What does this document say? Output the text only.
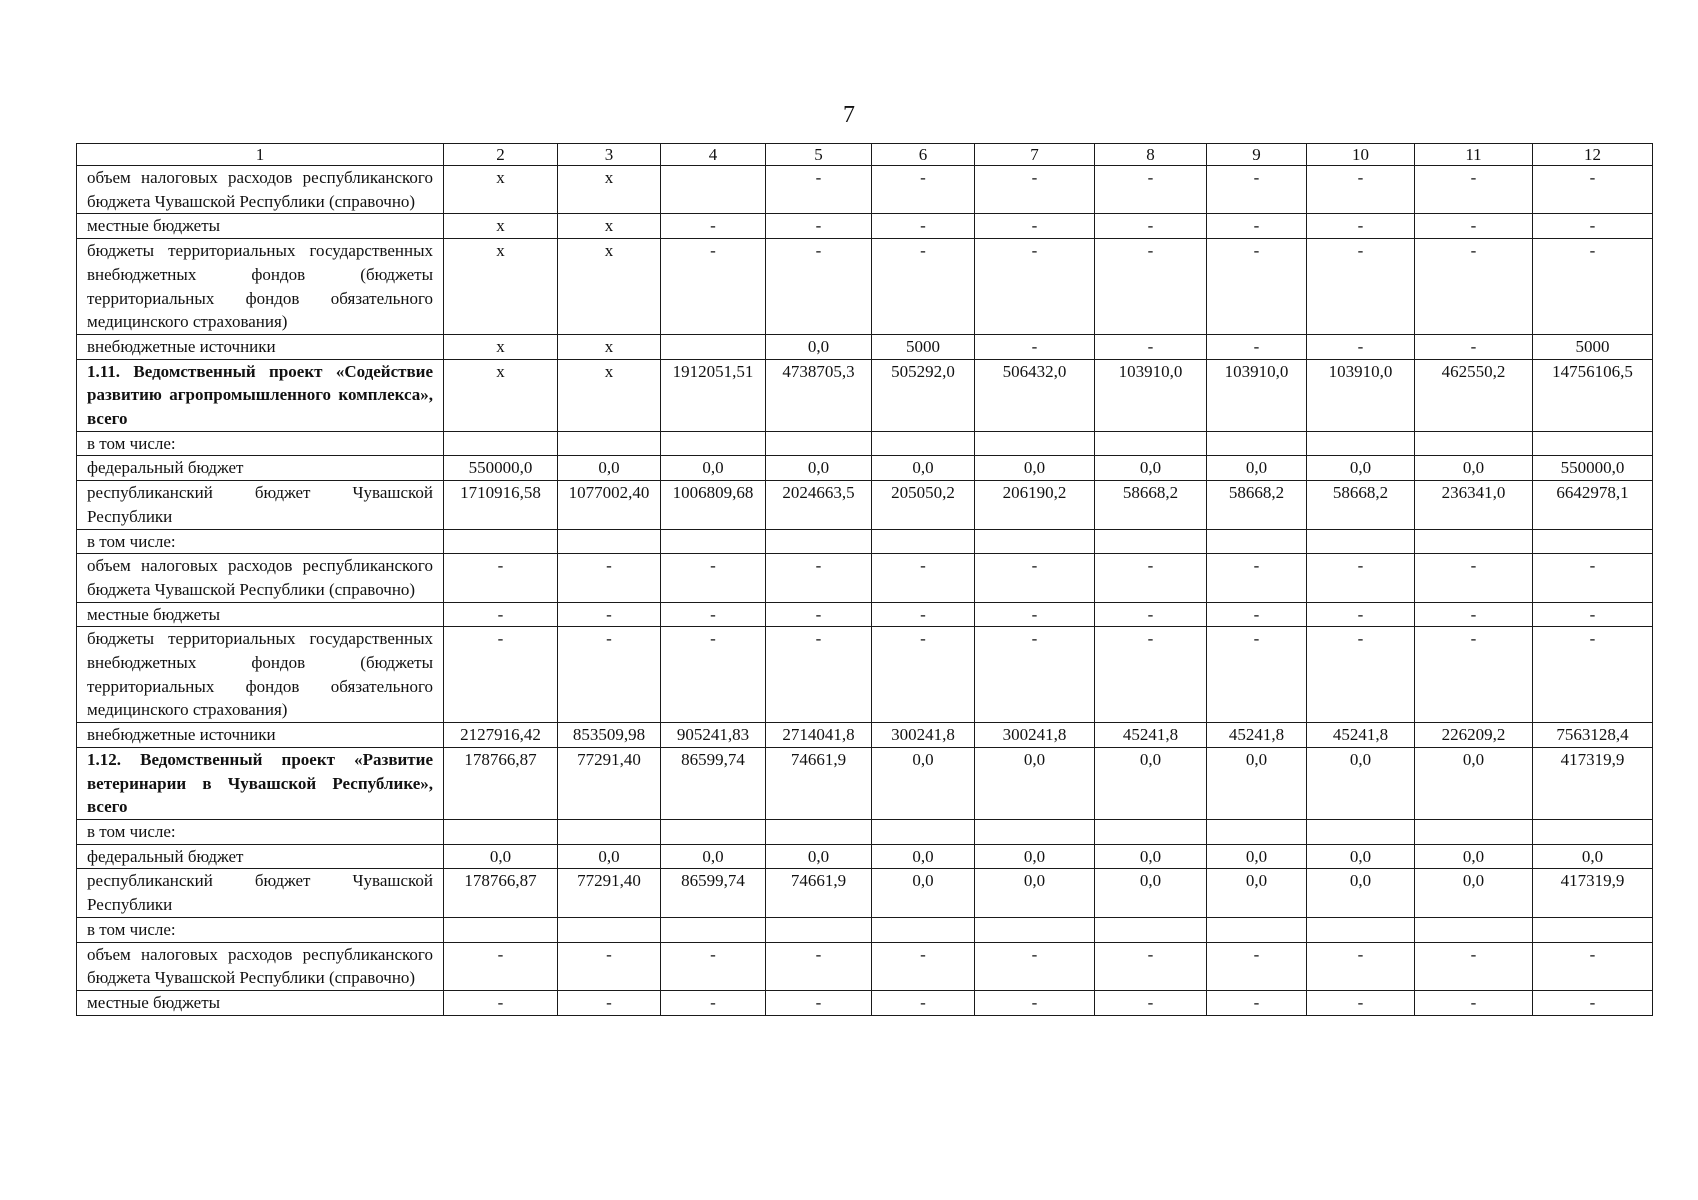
7
1	2	3	4	5	6	7	8	9	10	11	12
объем налоговых расходов республиканского бюджета Чувашской Республики (справочно)	x	x		-	-	-	-	-	-	-	-
местные бюджеты	x	x	-	-	-	-	-	-	-	-	-
бюджеты территориальных государственных внебюджетных фондов (бюджеты территориальных фондов обязательного медицинского страхования)	x	x	-	-	-	-	-	-	-	-	-
внебюджетные источники	x	x		0,0	5000	-	-	-	-	-	5000
1.11. Ведомственный проект «Содействие развитию агропромышленного комплекса», всего	x	x	1912051,51	4738705,3	505292,0	506432,0	103910,0	103910,0	103910,0	462550,2	14756106,5
в том числе:											
федеральный бюджет	550000,0	0,0	0,0	0,0	0,0	0,0	0,0	0,0	0,0	0,0	550000,0
республиканский бюджет Чувашской Республики	1710916,58	1077002,40	1006809,68	2024663,5	205050,2	206190,2	58668,2	58668,2	58668,2	236341,0	6642978,1
в том числе:											
объем налоговых расходов республиканского бюджета Чувашской Республики (справочно)	-	-	-	-	-	-	-	-	-	-	-
местные бюджеты	-	-	-	-	-	-	-	-	-	-	-
бюджеты территориальных государственных внебюджетных фондов (бюджеты территориальных фондов обязательного медицинского страхования)	-	-	-	-	-	-	-	-	-	-	-
внебюджетные источники	2127916,42	853509,98	905241,83	2714041,8	300241,8	300241,8	45241,8	45241,8	45241,8	226209,2	7563128,4
1.12. Ведомственный проект «Развитие ветеринарии в Чувашской Республике», всего	178766,87	77291,40	86599,74	74661,9	0,0	0,0	0,0	0,0	0,0	0,0	417319,9
в том числе:											
федеральный бюджет	0,0	0,0	0,0	0,0	0,0	0,0	0,0	0,0	0,0	0,0	0,0
республиканский бюджет Чувашской Республики	178766,87	77291,40	86599,74	74661,9	0,0	0,0	0,0	0,0	0,0	0,0	417319,9
в том числе:											
объем налоговых расходов республиканского бюджета Чувашской Республики (справочно)	-	-	-	-	-	-	-	-	-	-	-
местные бюджеты	-	-	-	-	-	-	-	-	-	-	-
